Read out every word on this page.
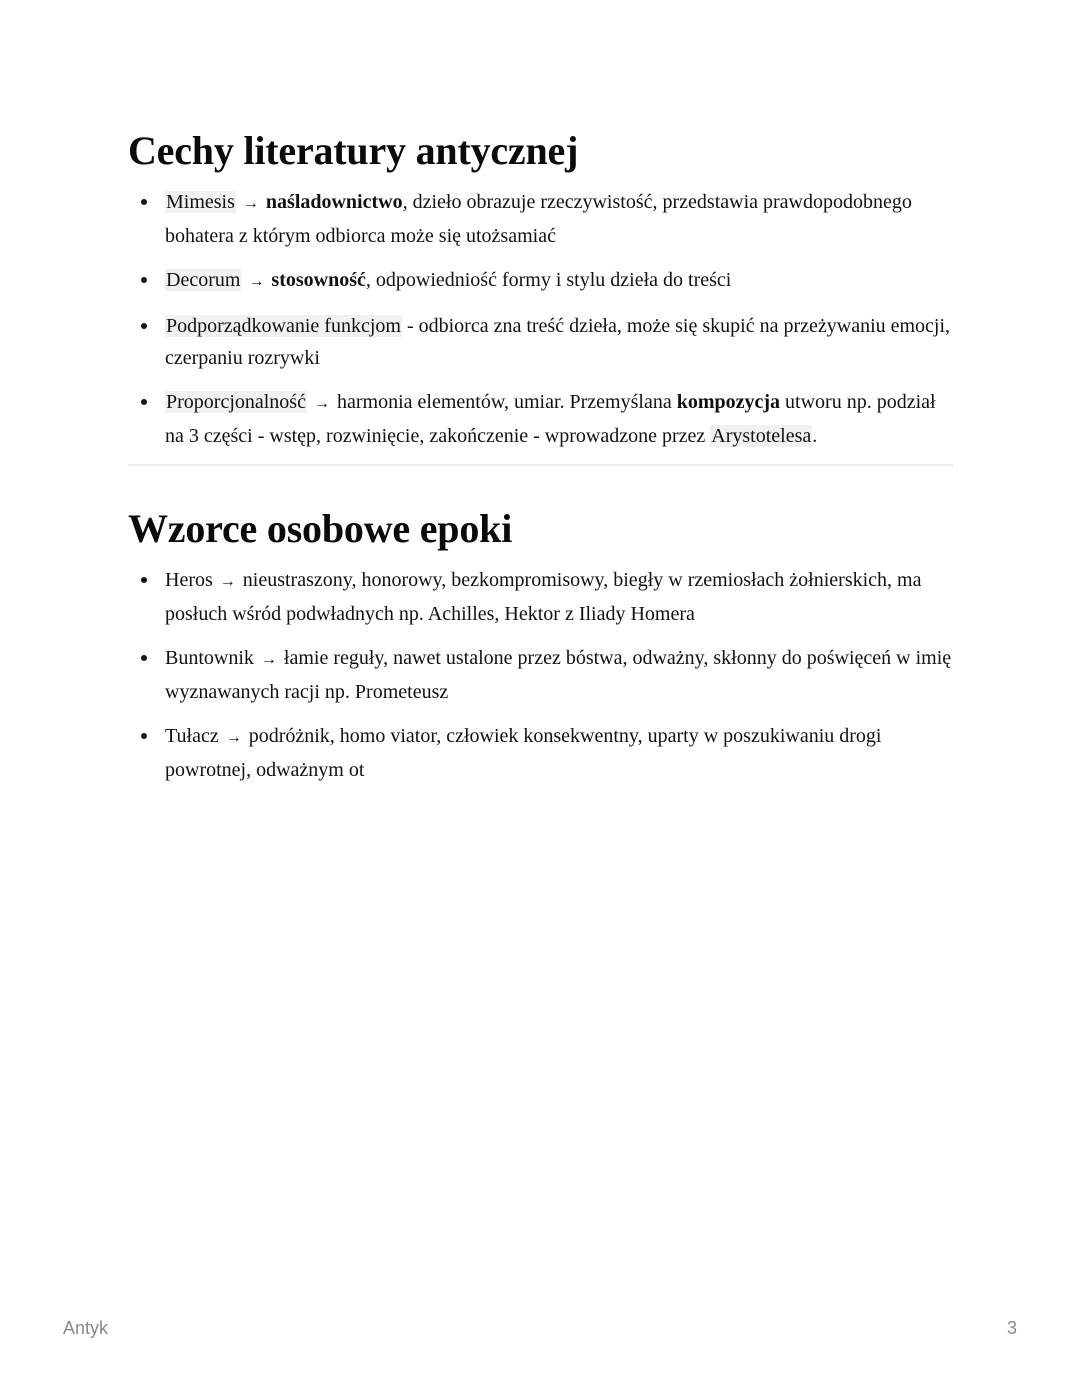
Cechy literatury antycznej
Mimesis → naśladownictwo, dzieło obrazuje rzeczywistość, przedstawia prawdopodobnego bohatera z którym odbiorca może się utożsamiać
Decorum → stosowność, odpowiedniość formy i stylu dzieła do treści
Podporządkowanie funkcjom - odbiorca zna treść dzieła, może się skupić na przeżywaniu emocji, czerpaniu rozrywki
Proporcjonalność → harmonia elementów, umiar. Przemyślana kompozycja utworu np. podział na 3 części - wstęp, rozwinięcie, zakończenie - wprowadzone przez Arystotelesa.
Wzorce osobowe epoki
Heros → nieustraszony, honorowy, bezkompromisowy, biegły w rzemiosłach żołnierskich, ma posłuch wśród podwładnych np. Achilles, Hektor z Iliady Homera
Buntownik → łamie reguły, nawet ustalone przez bóstwa, odważny, skłonny do poświęceń w imię wyznawanych racji np. Prometeusz
Tułacz → podróżnik, homo viator, człowiek konsekwentny, uparty w poszukiwaniu drogi powrotnej, odważnym ot
Antyk	3
